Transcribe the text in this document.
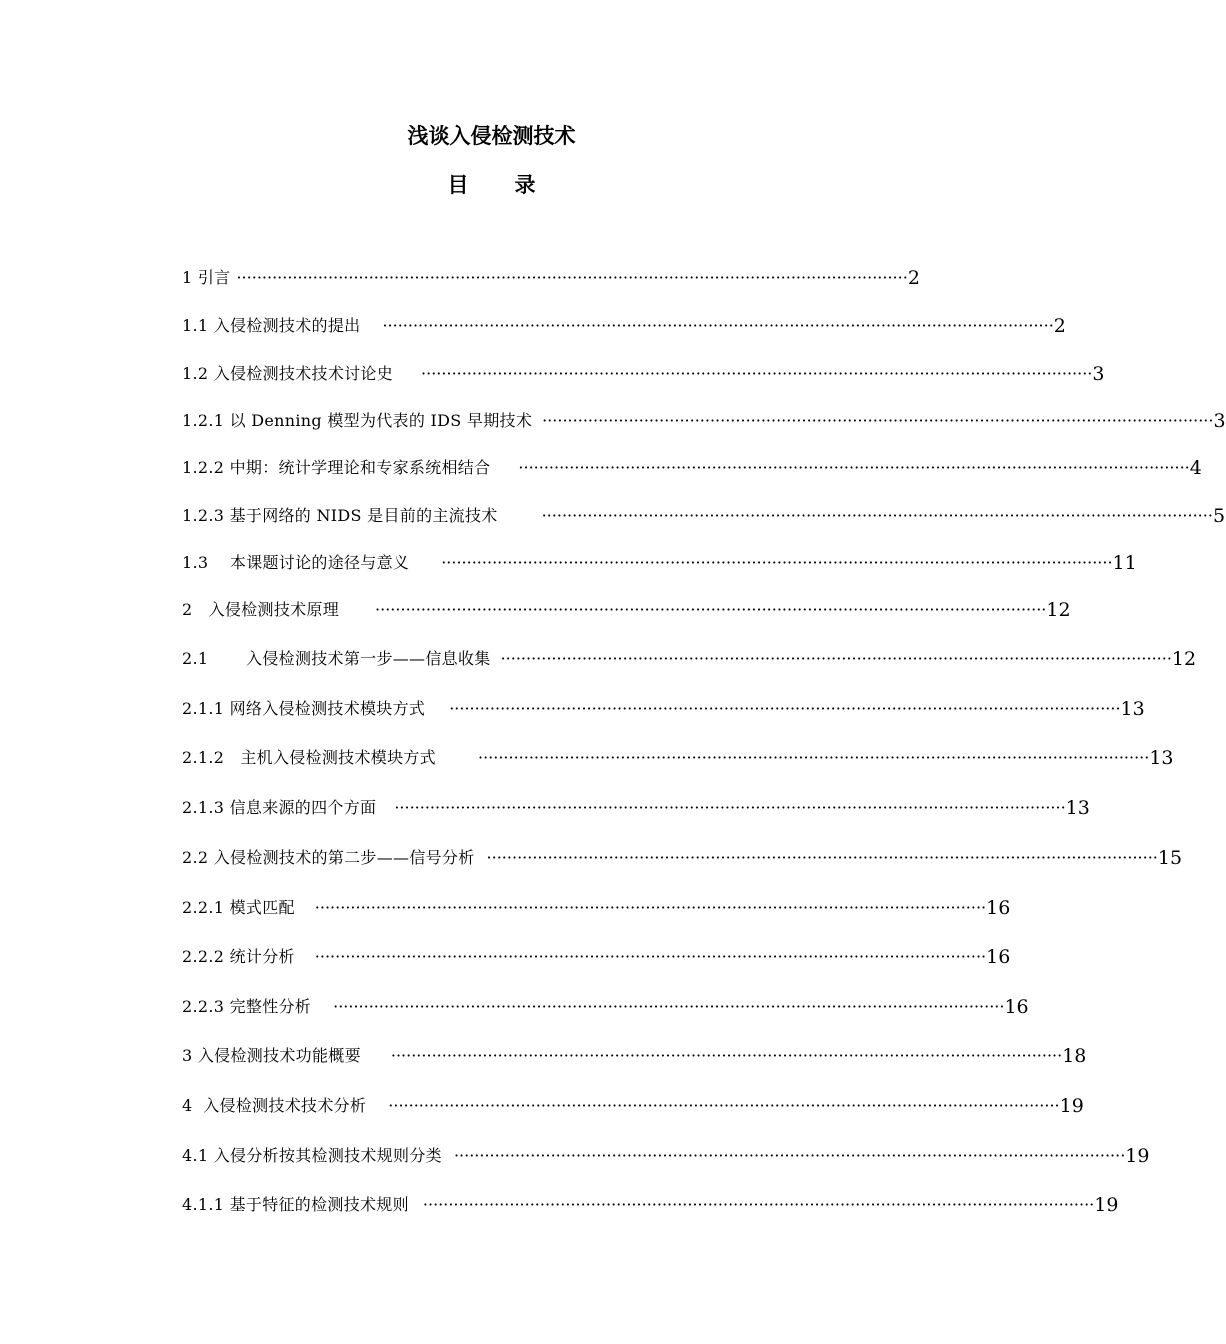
浅谈入侵检测技术
目录
1 引言 ···································································································································· 2
1.1 入侵检测技术的提出 ···································································································································· 2
1.2 入侵检测技术技术讨论史 ···································································································································· 3
1.2.1 以 Denning 模型为代表的 IDS 早期技术 ···································································································································· 3
1.2.2 中期：统计学理论和专家系统相结合 ···································································································································· 4
1.2.3 基于网络的 NIDS 是目前的主流技术	···································································································································· 5
1.3    本课题讨论的途径与意义 ···································································································································· 11
2   入侵检测技术原理 ···································································································································· 12
2.1       入侵检测技术第一步——信息收集 ···································································································································· 12
2.1.1 网络入侵检测技术模块方式 ···································································································································· 13
2.1.2   主机入侵检测技术模块方式	···································································································································· 13
2.1.3 信息来源的四个方面 ···································································································································· 13
2.2 入侵检测技术的第二步——信号分析 ···································································································································· 15
2.2.1 模式匹配 ···································································································································· 16
2.2.2 统计分析 ···································································································································· 16
2.2.3 完整性分析 ···································································································································· 16
3 入侵检测技术功能概要 ···································································································································· 18
4  入侵检测技术技术分析 ···································································································································· 19
4.1 入侵分析按其检测技术规则分类 ···································································································································· 19
4.1.1 基于特征的检测技术规则 ···································································································································· 19
